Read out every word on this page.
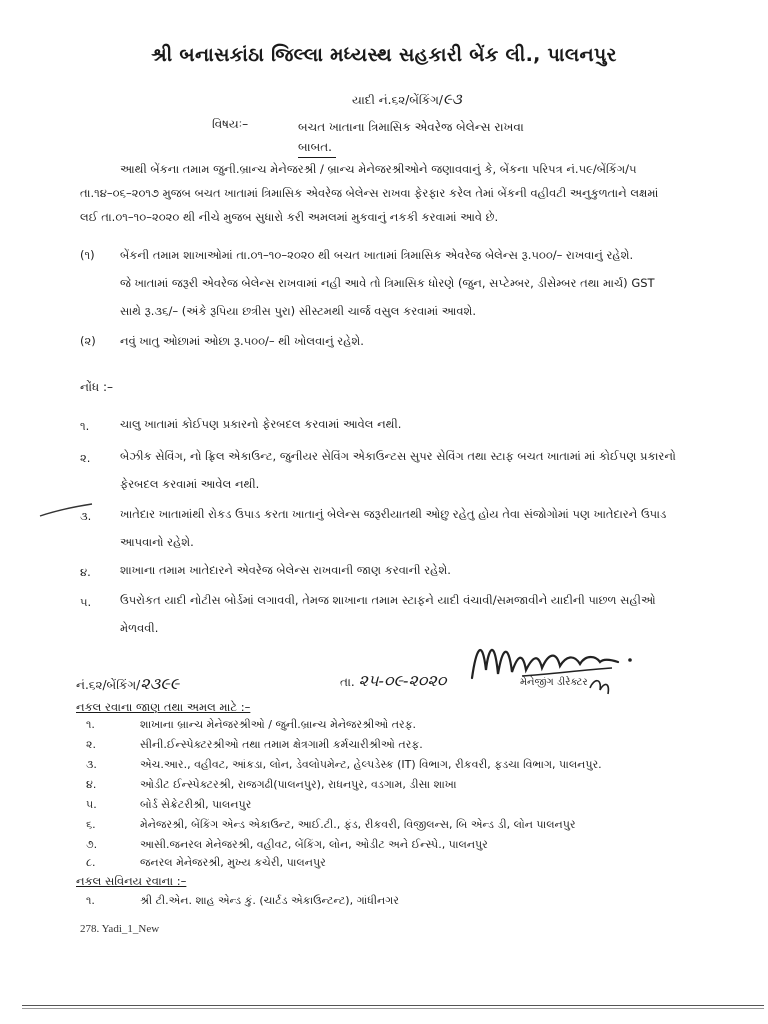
શ્રી બનાસકાંઠા જિલ્લા મધ્યસ્થ સહકારી બેંક લી., પાલનપુર
યાદી નં.૬૨/બેંકિંગ/૯૩
વિષયઃ–	બચત ખાતાના ત્રિમાસિક એવરેજ બેલેન્સ રાખવા
બાબત.
આથી બેંકના તમામ જુની.બ્રાન્ચ મેનેજરશ્રી / બ્રાન્ચ મેનેજરશ્રીઓને જણાવવાનું કે, બેંકના પરિપત્ર નં.૫૯/બેંકિંગ/૫
તા.૧૪–૦૬–૨૦૧૭ મુજબ બચત ખાતામાં ત્રિમાસિક એવરેજ બેલેન્સ રાખવા ફેરફાર કરેલ તેમાં બેંકની વહીવટી અનુકુળતાને લક્ષમાં
લઈ તા.૦૧–૧૦–૨૦૨૦ થી નીચે મુજબ સુધારો કરી અમલમાં મુકવાનું નકકી કરવામાં આવે છે.
(૧) બેંકની તમામ શાખાઓમાં તા.૦૧–૧૦–૨૦૨૦ થી બચત ખાતામાં ત્રિમાસિક એવરેજ બેલેન્સ રૂ.૫૦૦/– રાખવાનું રહેશે.
જે ખાતામાં જરૂરી એવરેજ બેલેન્સ રાખવામાં નહી આવે તો ત્રિમાસિક ધોરણે (જુન, સપ્ટેમ્બર, ડીસેમ્બર તથા માર્ચ) GST
સાથે રૂ.૩૬/– (અંકે રૂપિયા છત્રીસ પુરા) સીસ્ટમથી ચાર્જ વસુલ કરવામાં આવશે.
(૨) નવું ખાતુ ઓછામાં ઓછા રૂ.૫૦૦/– થી ખોલવાનું રહેશે.
નોંધ :–
૧.	ચાલુ ખાતામાં કોઈપણ પ્રકારનો ફેરબદલ કરવામાં આવેલ નથી.
૨.	બેઝીક સેવિંગ, નો ફ્રિલ એકાઉન્ટ, જુનીયર સેવિંગ એકાઉન્ટસ સુપર સેવિંગ તથા સ્ટાફ બચત ખાતામાં માં કોઈપણ પ્રકારનો
ફેરબદલ કરવામાં આવેલ નથી.
૩. ખાતેદાર ખાતામાંથી રોકડ ઉપાડ કરતા ખાતાનું બેલેન્સ જરૂરીયાતથી ઓછુ રહેતુ હોય તેવા સંજોગોમાં પણ ખાતેદારને ઉપાડ
આપવાનો રહેશે.
૪.	શાખાના તમામ ખાતેદારને એવરેજ બેલેન્સ રાખવાની જાણ કરવાની રહેશે.
૫.	ઉપરોકત યાદી નોટીસ બોર્ડમાં લગાવવી, તેમજ શાખાના તમામ સ્ટાફને યાદી વંચાવી/સમજાવીને યાદીની પાછળ સહીઓ
મેળવવી.
નં.૬૨/બેંકિંગ/૨૩૯૯	તા. ૨૫-૦૯-૨૦૨૦	મેનેજીંગ ડીરેક્ટર
નકલ રવાના જાણ તથા અમલ માટે :–
૧.	શાખાના બ્રાન્ચ મેનેજરશ્રીઓ / જુની.બ્રાન્ચ મેનેજરશ્રીઓ તરફ.
૨.	સીની.ઈન્સ્પેક્ટરશ્રીઓ તથા તમામ ક્ષેત્રગામી કર્મચારીશ્રીઓ તરફ.
૩.	એચ.આર., વહીવટ, આંકડા, લોન, ડેવલોપમેન્ટ, હેલ્પડેસ્ક (IT) વિભાગ, રીકવરી, ફડચા વિભાગ, પાલનપુર.
૪.	ઓડીટ ઈન્સ્પેક્ટરશ્રી, રાજગઢી(પાલનપુર), રાધનપુર, વડગામ, ડીસા શાખા
૫.	બોર્ડ સેક્રેટરીશ્રી, પાલનપુર
૬.	મેનેજરશ્રી, બેંકિંગ એન્ડ એકાઉન્ટ, આઈ.ટી., ફંડ, રીકવરી, વિજીલન્સ, બિ એન્ડ ડી, લોન પાલનપુર
૭.	આસી.જનરલ મેનેજરશ્રી, વહીવટ, બેંકિંગ, લોન, ઓડીટ અને ઈન્સ્પે., પાલનપુર
૮.	જનરલ મેનેજરશ્રી, મુખ્ય કચેરી, પાલનપુર
નકલ સવિનય રવાના :–
૧.	શ્રી ટી.એન. શાહ એન્ડ કું. (ચાર્ટડ એકાઉન્ટન્ટ), ગાંધીનગર
278. Yadi_1_New
